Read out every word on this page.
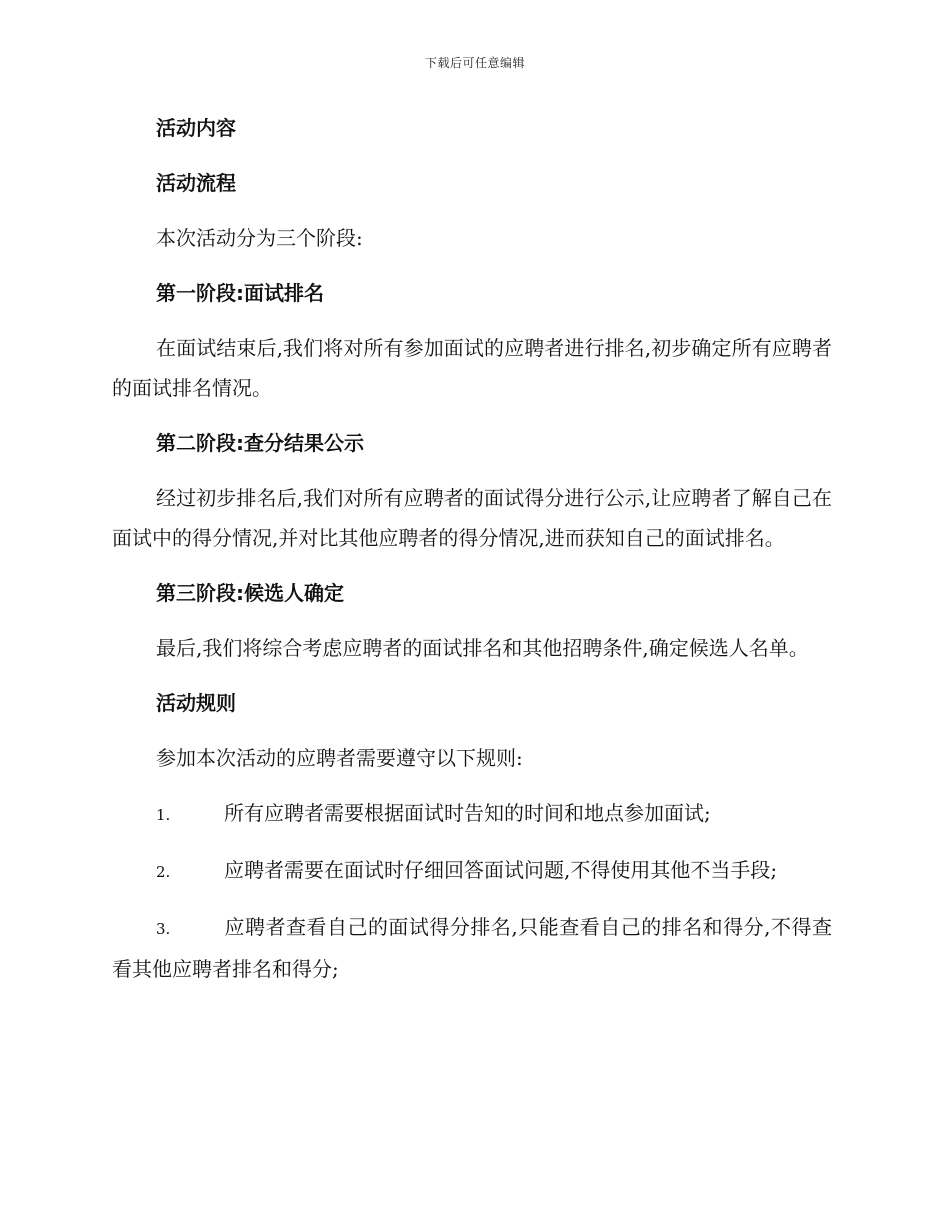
下载后可任意编辑
活动内容
活动流程
本次活动分为三个阶段:
第一阶段:面试排名
在面试结束后,我们将对所有参加面试的应聘者进行排名,初步确定所有应聘者的面试排名情况。
第二阶段:查分结果公示
经过初步排名后,我们对所有应聘者的面试得分进行公示,让应聘者了解自己在面试中的得分情况,并对比其他应聘者的得分情况,进而获知自己的面试排名。
第三阶段:候选人确定
最后,我们将综合考虑应聘者的面试排名和其他招聘条件,确定候选人名单。
活动规则
参加本次活动的应聘者需要遵守以下规则:
1.	所有应聘者需要根据面试时告知的时间和地点参加面试;
2.	应聘者需要在面试时仔细回答面试问题,不得使用其他不当手段;
3.	应聘者查看自己的面试得分排名,只能查看自己的排名和得分,不得查看其他应聘者排名和得分;
